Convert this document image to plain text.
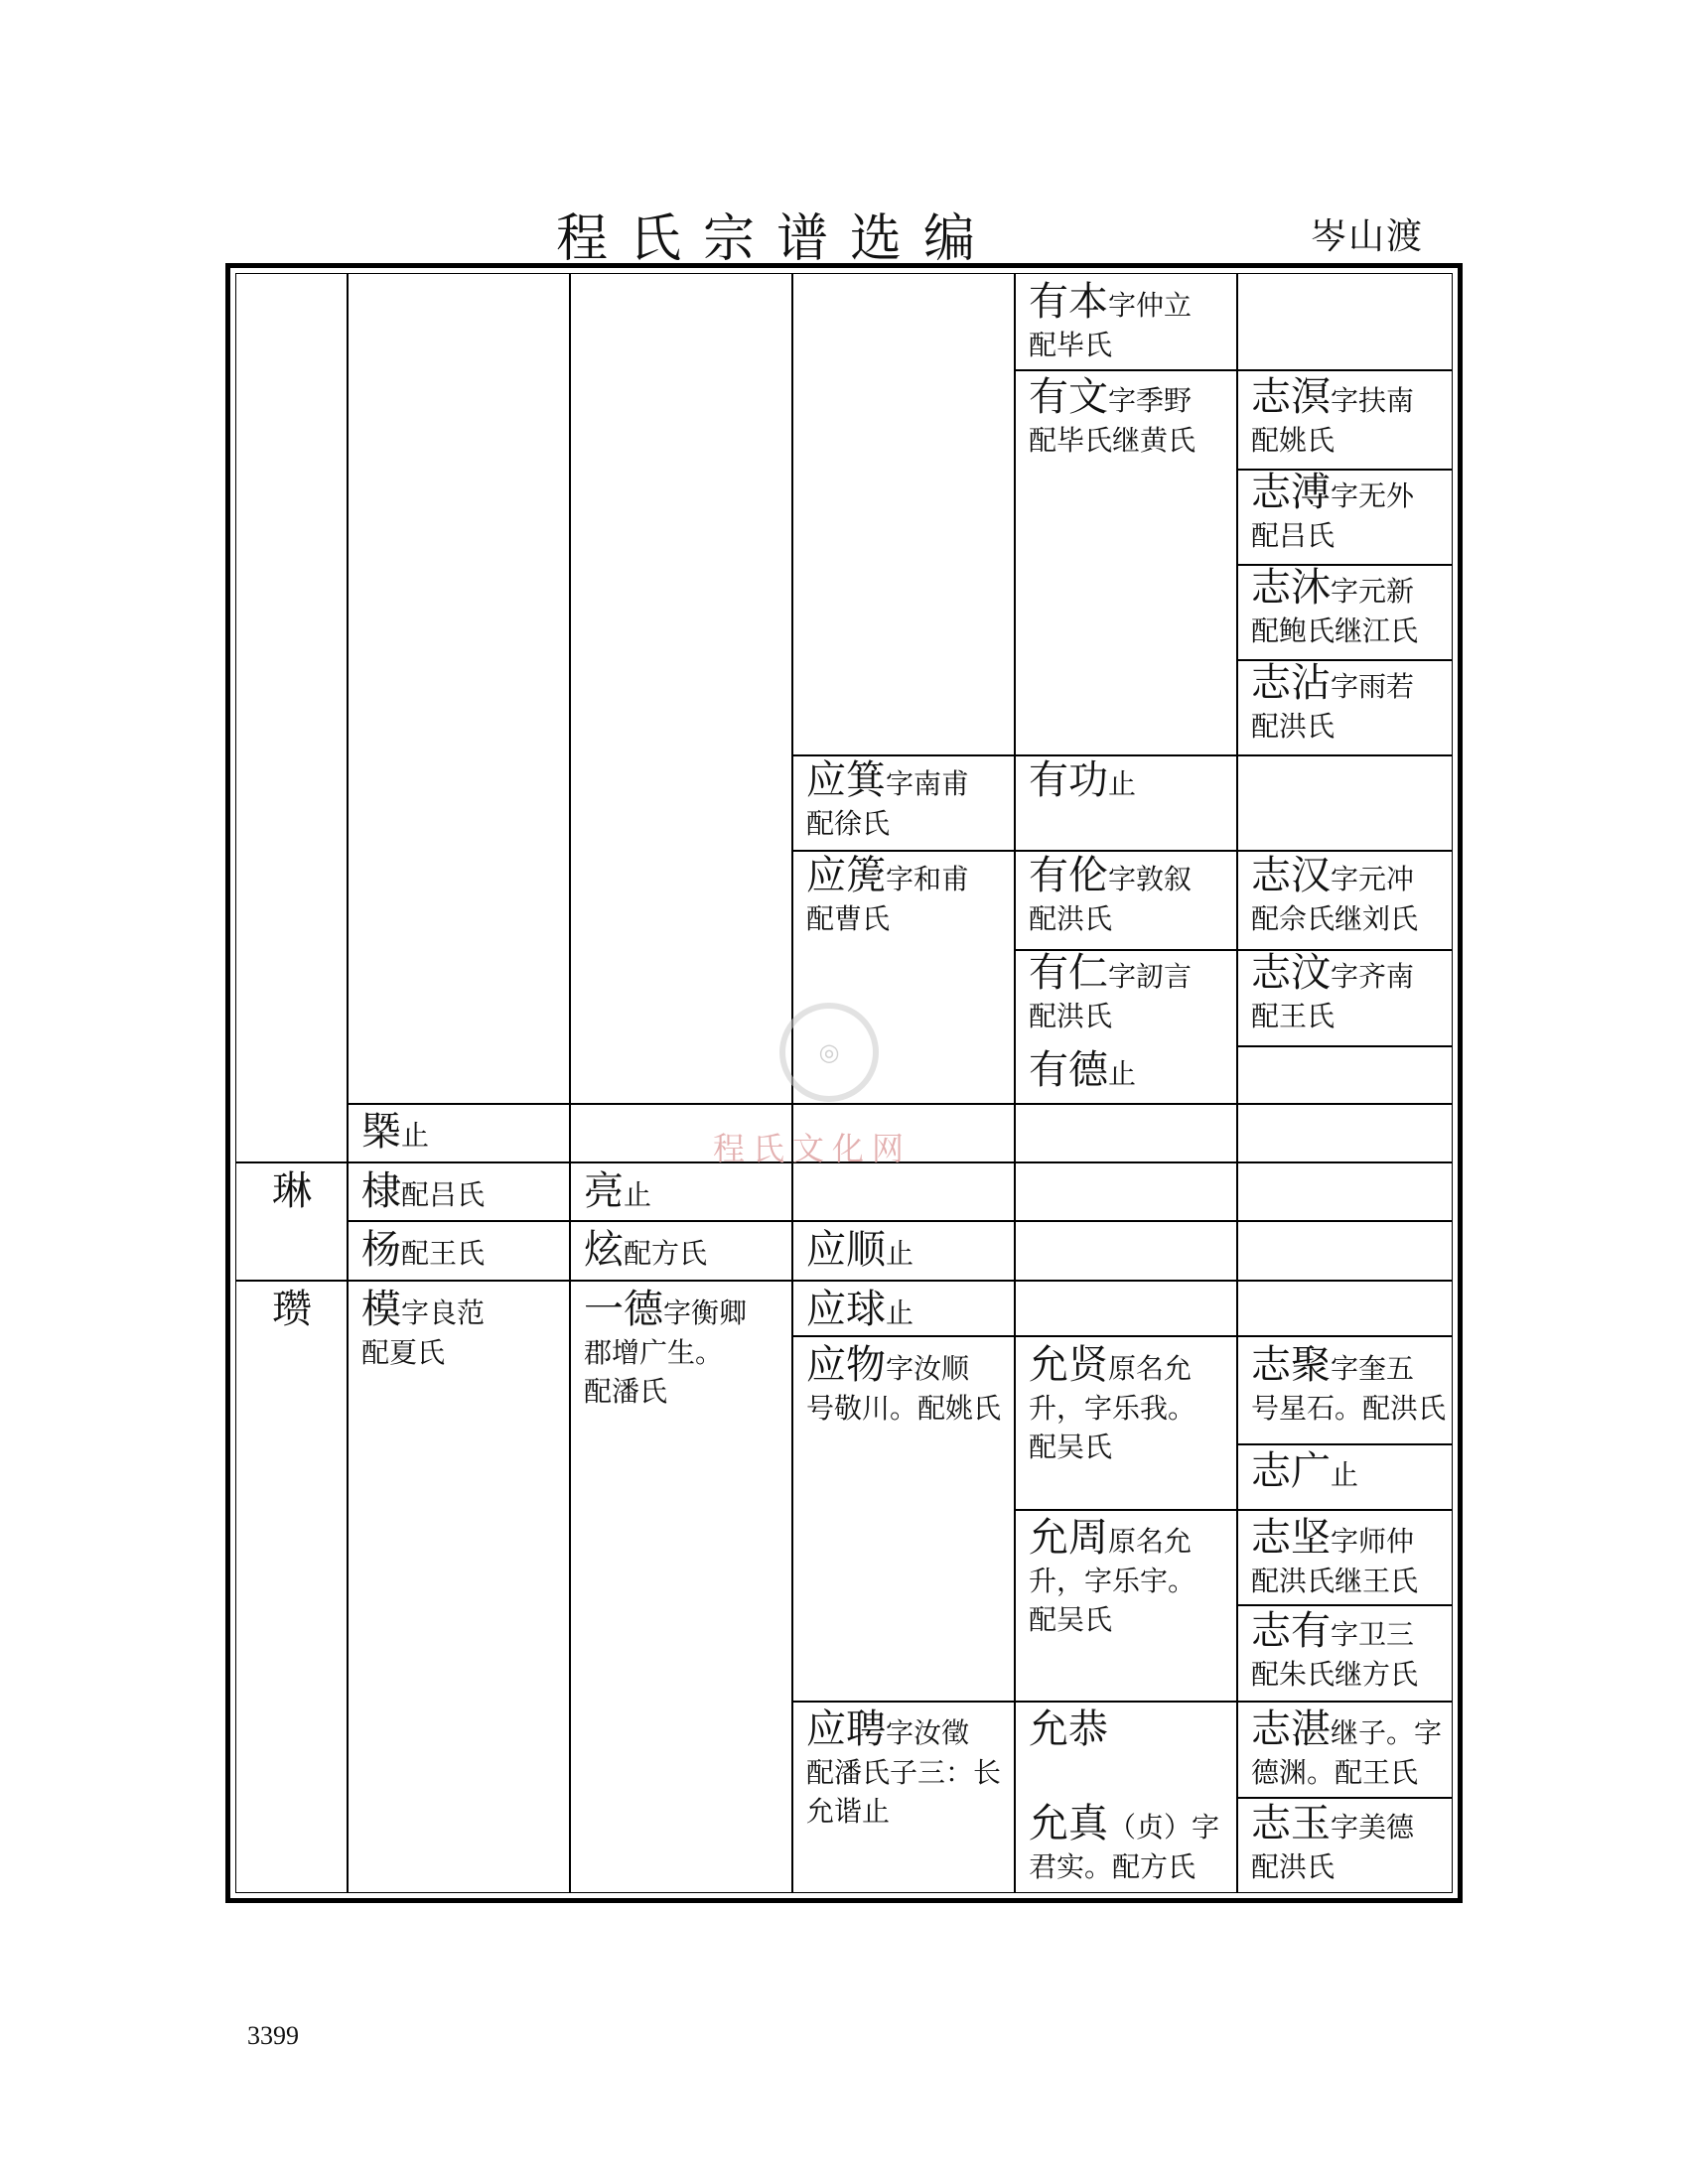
程氏宗谱选编	岑山渡
◎
程氏文化网
有本字仲立
配毕氏
有文字季野
配毕氏继黄氏
志溟字扶南
配姚氏
志溥字无外
配吕氏
志沐字元新
配鲍氏继江氏
志沾字雨若
配洪氏
应箕字南甫
配徐氏
有功止
应箎字和甫
配曹氏
有伦字敦叙
配洪氏
志汉字元冲
配佘氏继刘氏
有仁字訒言
配洪氏
志汶字齐南
配王氏
有德止
槩止
琳 棣配吕氏 亮止
杨配王氏 炫配方氏 应顺止
瓒 模字良范
配夏氏
一德字衡卿
郡增广生。
配潘氏
应球止
应物字汝顺
号敬川。配姚氏
允贤原名允
升，字乐我。
配吴氏
志聚字奎五
号星石。配洪氏
志广止
允周原名允
升，字乐宇。
配吴氏
志坚字师仲
配洪氏继王氏
志有字卫三
配朱氏继方氏
应聘字汝徵
配潘氏子三：长
允谐止
允恭	志湛继子。字
德渊。配王氏
允真（贞）字
君实。配方氏
志玉字美德
配洪氏
3399
